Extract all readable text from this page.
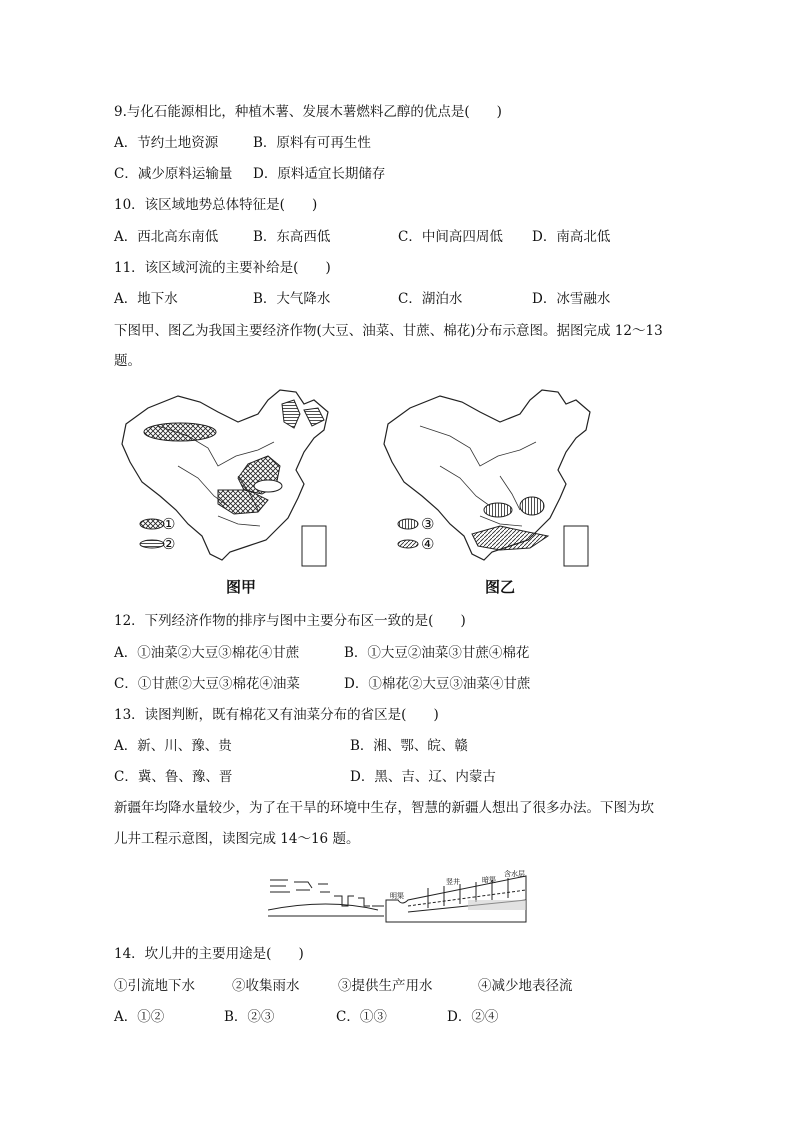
9.与化石能源相比，种植木薯、发展木薯燃料乙醇的优点是(　　)
A．节约土地资源	B．原料有可再生性
C．减少原料运输量 D．原料适宜长期储存
10．该区域地势总体特征是(　　)
A．西北高东南低	B．东高西低	C．中间高四周低 D．南高北低
11．该区域河流的主要补给是(　　)
A．地下水	B．大气降水	C．湖泊水	D．冰雪融水
下图甲、图乙为我国主要经济作物(大豆、油菜、甘蔗、棉花)分布示意图。据图完成 12～13
题。
①
②
图甲
③
④
图乙
12．下列经济作物的排序与图中主要分布区一致的是(　　)
A．①油菜②大豆③棉花④甘蔗	B．①大豆②油菜③甘蔗④棉花
C．①甘蔗②大豆③棉花④油菜	D．①棉花②大豆③油菜④甘蔗
13．读图判断，既有棉花又有油菜分布的省区是(　　)
A．新、川、豫、贵	B．湘、鄂、皖、赣
C．冀、鲁、豫、晋	D．黑、吉、辽、内蒙古
新疆年均降水量较少，为了在干旱的环境中生存，智慧的新疆人想出了很多办法。下图为坎
儿井工程示意图，读图完成 14～16 题。
明渠
竖井	暗渠
含水层
14．坎儿井的主要用途是(　　)
①引流地下水	②收集雨水	③提供生产用水	④减少地表径流
A．①②	B．②③	C．①③	D．②④
